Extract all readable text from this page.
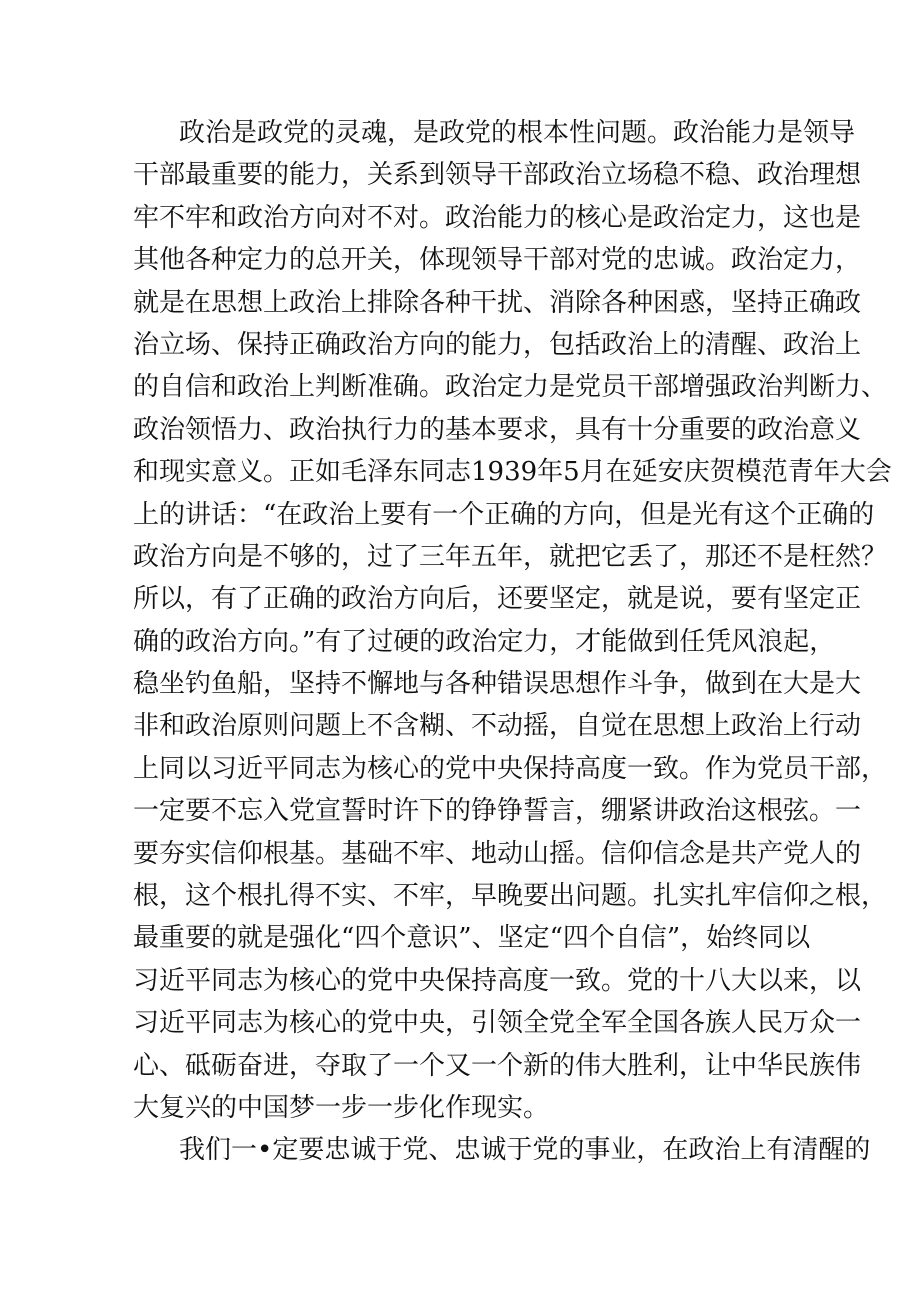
政治是政党的灵魂，是政党的根本性问题。政治能力是领导
干部最重要的能力，关系到领导干部政治立场稳不稳、政治理想
牢不牢和政治方向对不对。政治能力的核心是政治定力，这也是
其他各种定力的总开关，体现领导干部对党的忠诚。政治定力，
就是在思想上政治上排除各种干扰、消除各种困惑，坚持正确政
治立场、保持正确政治方向的能力，包括政治上的清醒、政治上
的自信和政治上判断准确。政治定力是党员干部增强政治判断力、
政治领悟力、政治执行力的基本要求，具有十分重要的政治意义
和现实意义。正如毛泽东同志1939年5月在延安庆贺模范青年大会
上的讲话：“在政治上要有一个正确的方向，但是光有这个正确的
政治方向是不够的，过了三年五年，就把它丢了，那还不是枉然？
所以，有了正确的政治方向后，还要坚定，就是说，要有坚定正
确的政治方向。”有了过硬的政治定力，才能做到任凭风浪起，
稳坐钓鱼船，坚持不懈地与各种错误思想作斗争，做到在大是大
非和政治原则问题上不含糊、不动摇，自觉在思想上政治上行动
上同以习近平同志为核心的党中央保持高度一致。作为党员干部，
一定要不忘入党宣誓时许下的铮铮誓言，绷紧讲政治这根弦。一
要夯实信仰根基。基础不牢、地动山摇。信仰信念是共产党人的
根，这个根扎得不实、不牢，早晚要出问题。扎实扎牢信仰之根，
最重要的就是强化“四个意识”、坚定“四个自信”，始终同以
习近平同志为核心的党中央保持高度一致。党的十八大以来，以
习近平同志为核心的党中央，引领全党全军全国各族人民万众一
心、砥砺奋进，夺取了一个又一个新的伟大胜利，让中华民族伟
大复兴的中国梦一步一步化作现实。
我们一•定要忠诚于党、忠诚于党的事业，在政治上有清醒的
